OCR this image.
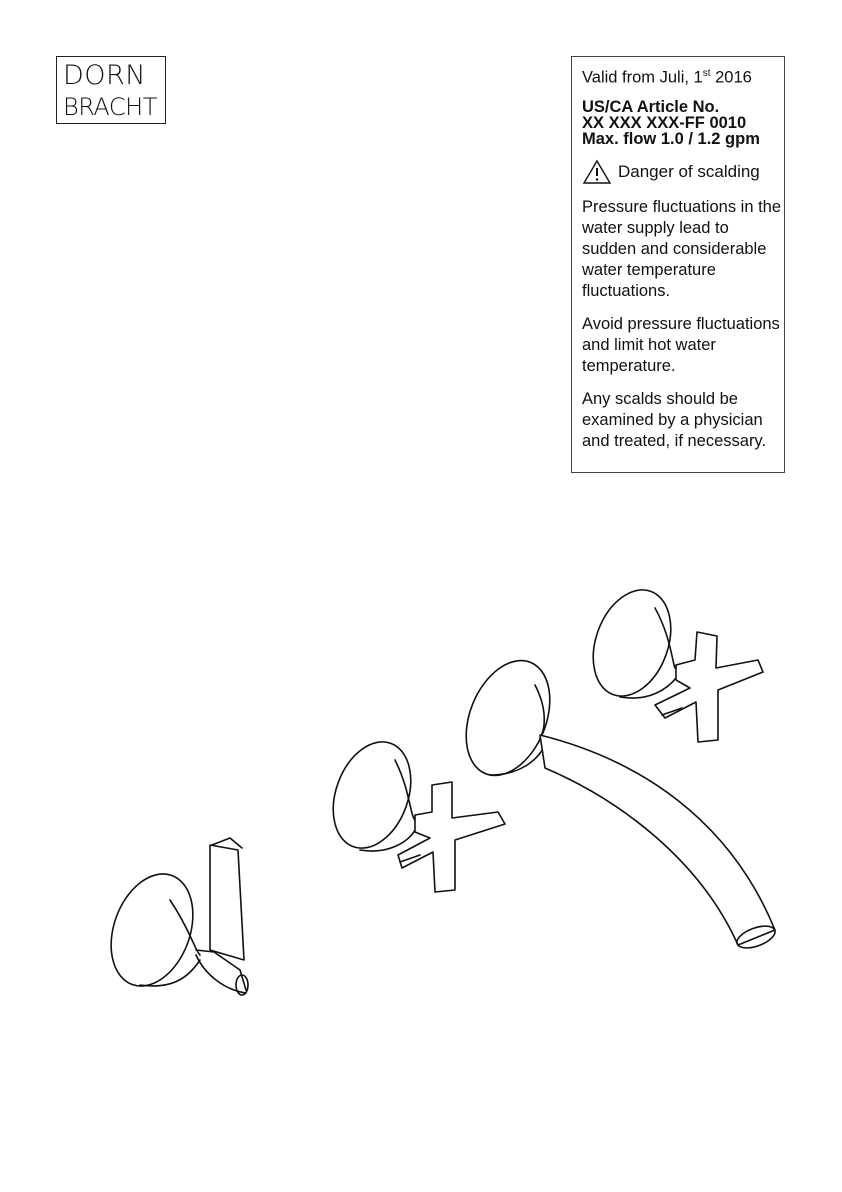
DORN
BRACHT
Valid from Juli, 1st 2016
US/CA Article No.
XX XXX XXX-FF 0010
Max. flow 1.0 / 1.2 gpm
Danger of scalding

Pressure fluctuations in the water supply lead to sudden and considerable water temperature fluctuations.

Avoid pressure fluctuations and limit hot water temperature.

Any scalds should be examined by a physician and treated, if necessary.
